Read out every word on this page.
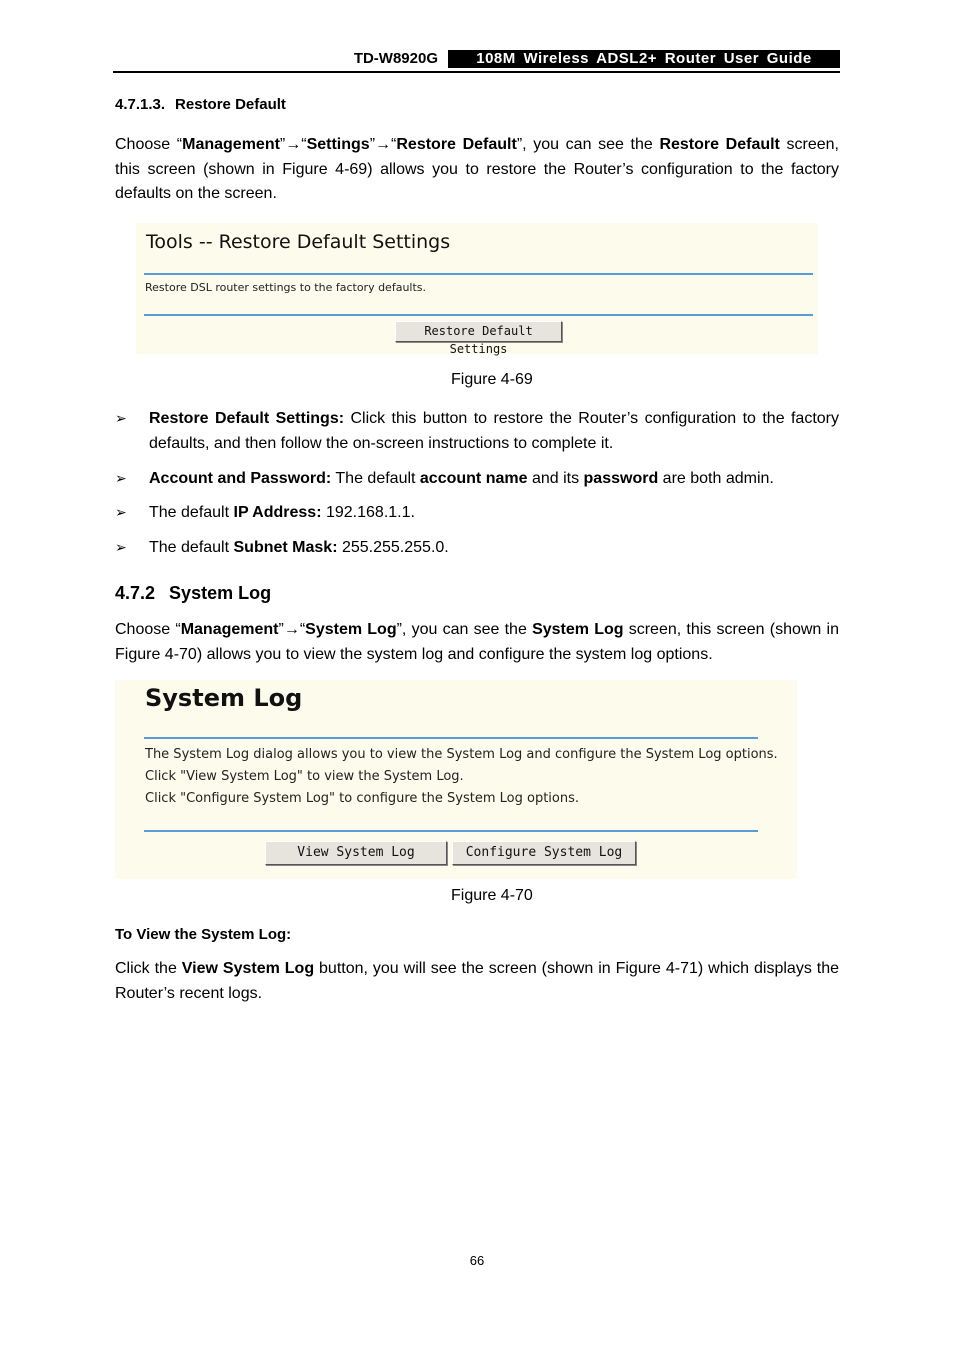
TD-W8920G	108M Wireless ADSL2+ Router User Guide
4.7.1.3. Restore Default
Choose “Management”→“Settings”→“Restore Default”, you can see the Restore Default screen, this screen (shown in Figure 4-69) allows you to restore the Router’s configuration to the factory defaults on the screen.
Tools -- Restore Default Settings
Restore DSL router settings to the factory defaults.
Restore Default Settings
Figure 4-69
➢ Restore Default Settings: Click this button to restore the Router’s configuration to the factory defaults, and then follow the on-screen instructions to complete it.
➢ Account and Password: The default account name and its password are both admin.
➢ The default IP Address: 192.168.1.1.
➢ The default Subnet Mask: 255.255.255.0.
4.7.2 System Log
Choose “Management”→“System Log”, you can see the System Log screen, this screen (shown in Figure 4-70) allows you to view the system log and configure the system log options.
System Log
The System Log dialog allows you to view the System Log and configure the System Log options.
Click "View System Log" to view the System Log.
Click "Configure System Log" to configure the System Log options.
View System Log	Configure System Log
Figure 4-70
To View the System Log:
Click the View System Log button, you will see the screen (shown in Figure 4-71) which displays the Router’s recent logs.
66
